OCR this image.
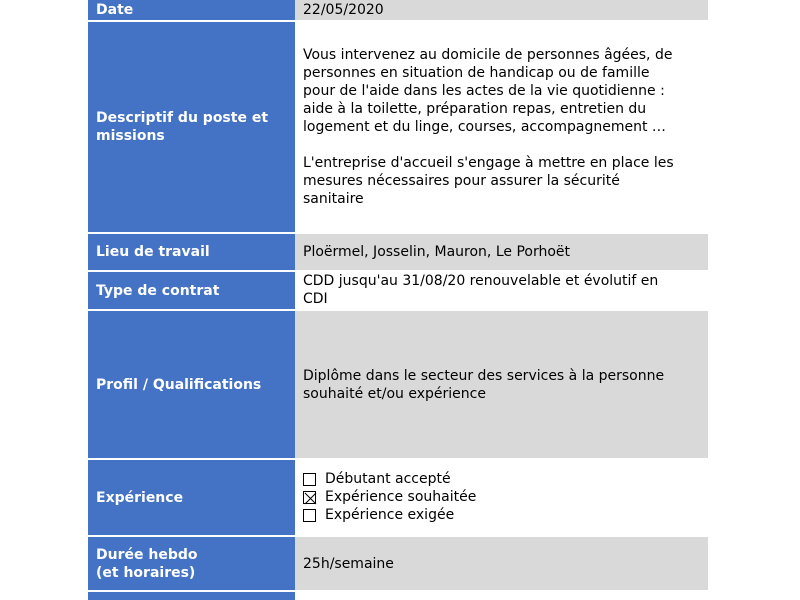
Date	22/05/2020
Descriptif du poste et
missions
Vous intervenez au domicile de personnes âgées, de
personnes en situation de handicap ou de famille
pour de l'aide dans les actes de la vie quotidienne :
aide à la toilette, préparation repas, entretien du
logement et du linge, courses, accompagnement …
L'entreprise d'accueil s'engage à mettre en place les
mesures nécessaires pour assurer la sécurité
sanitaire
Lieu de travail	Ploërmel, Josselin, Mauron, Le Porhoët
Type de contrat
CDD jusqu'au 31/08/20 renouvelable et évolutif en
CDI
Profil / Qualifications
Diplôme dans le secteur des services à la personne
souhaité et/ou expérience
Expérience
Débutant accepté
Expérience souhaitée
Expérience exigée
Durée hebdo
(et horaires)
25h/semaine
